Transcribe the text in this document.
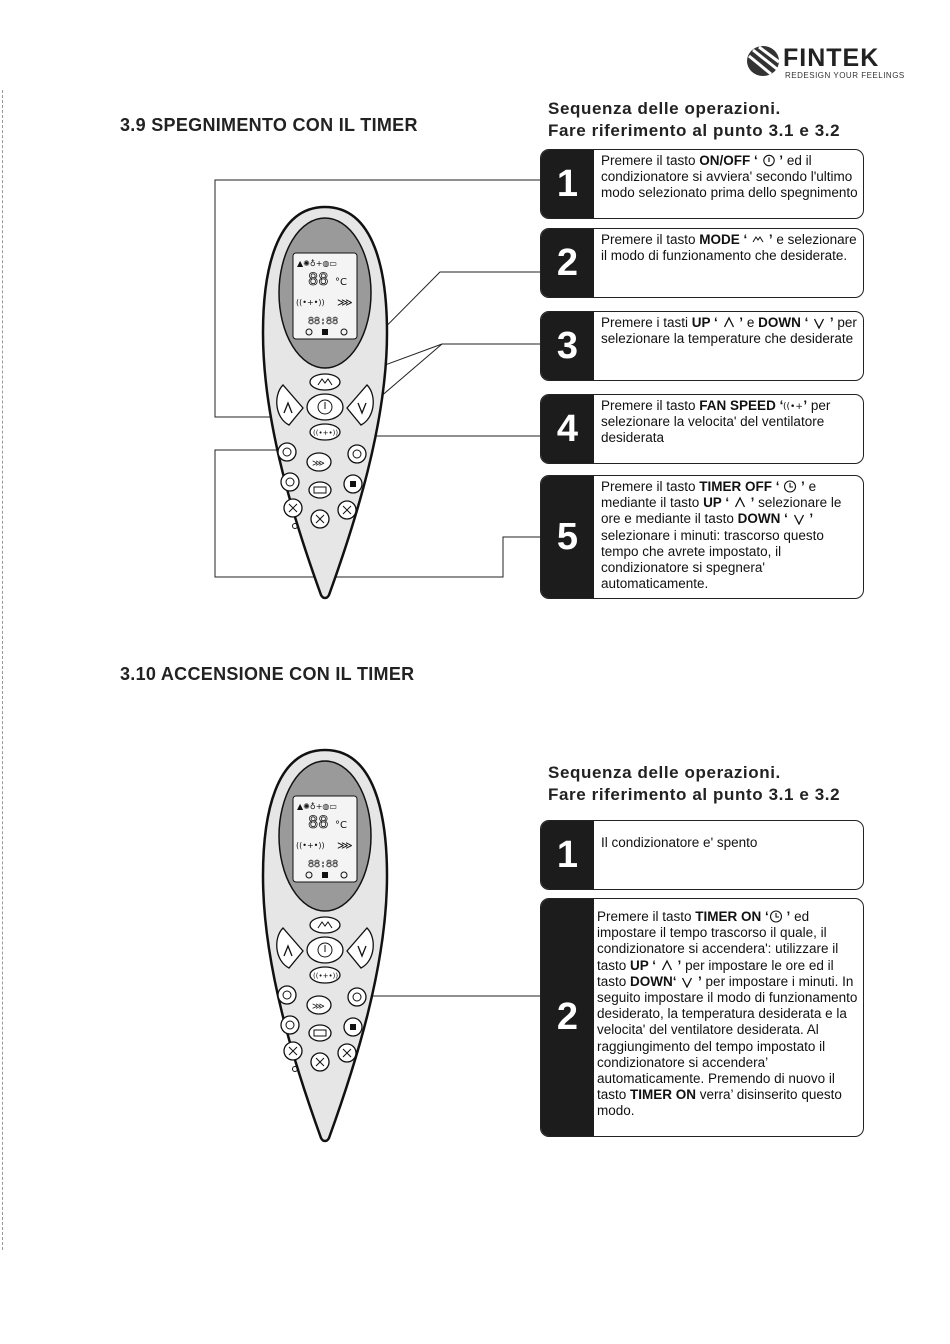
FINTEK
REDESIGN YOUR FEELINGS
3.9 SPEGNIMENTO CON IL TIMER
Sequenza delle operazioni.
Fare riferimento al punto 3.1 e 3.2
1
Premere il tasto ON/OFF ‘  ’ ed il condizionatore si avviera' secondo l'ultimo modo selezionato prima dello spegnimento
2
Premere il tasto MODE ‘  ’ e selezionare il modo di funzionamento che desiderate.
3
Premere i tasti UP ‘  ’ e DOWN ‘  ’ per selezionare la temperature che desiderate
4
Premere il tasto FAN SPEED ‘ ((•+ ’ per selezionare la velocita' del ventilatore desiderata
5
Premere il tasto TIMER OFF ‘  ’ e mediante il tasto UP ‘  ’ selezionare le ore e mediante il tasto DOWN ‘  ’ selezionare i minuti: trascorso questo tempo che avrete impostato, il condizionatore si spegnera' automaticamente.
3.10 ACCENSIONE CON IL TIMER
Sequenza delle operazioni.
Fare riferimento al punto 3.1 e 3.2
1	Il condizionatore e' spento
2
Premere il tasto TIMER ON ‘ ’ ed impostare il tempo trascorso il quale, il condizionatore si accendera': utilizzare il tasto UP ‘  ’ per impostare le ore ed il tasto DOWN‘  ’ per impostare i minuti. In seguito impostare il modo di funzionamento desiderato, la temperatura desiderata e la velocita' del ventilatore desiderata. Al raggiungimento del tempo impostato il condizionatore si accendera’ automaticamente. Premendo di nuovo il tasto TIMER ON verra’ disinserito questo modo.
▲✺♁+◍▭
88 °C
((•+•)) ⋙
88:88
((•+•))
⋙
▲✺♁+◍▭
88 °C
((•+•)) ⋙
88:88
((•+•))
⋙
